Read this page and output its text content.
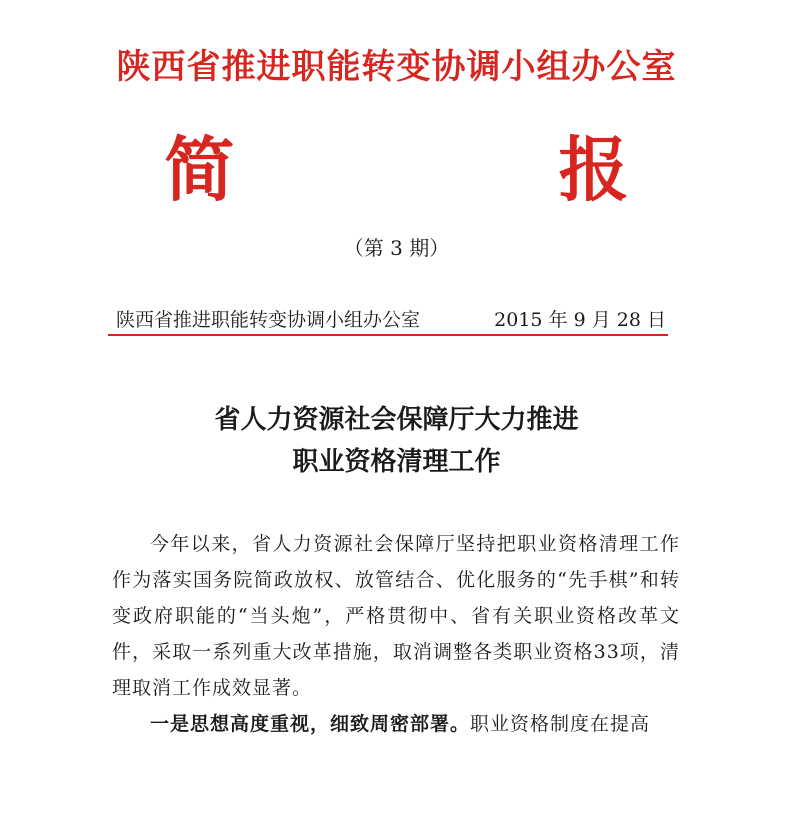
陕西省推进职能转变协调小组办公室
简 报
（第 3 期）
陕西省推进职能转变协调小组办公室	2015 年 9 月 28 日
省人力资源社会保障厅大力推进
职业资格清理工作

今年以来，省人力资源社会保障厅坚持把职业资格清理工作作为落实国务院简政放权、放管结合、优化服务的“先手棋”和转变政府职能的“当头炮”，严格贯彻中、省有关职业资格改革文件，采取一系列重大改革措施，取消调整各类职业资格33项，清理取消工作成效显著。

一是思想高度重视，细致周密部署。职业资格制度在提高
